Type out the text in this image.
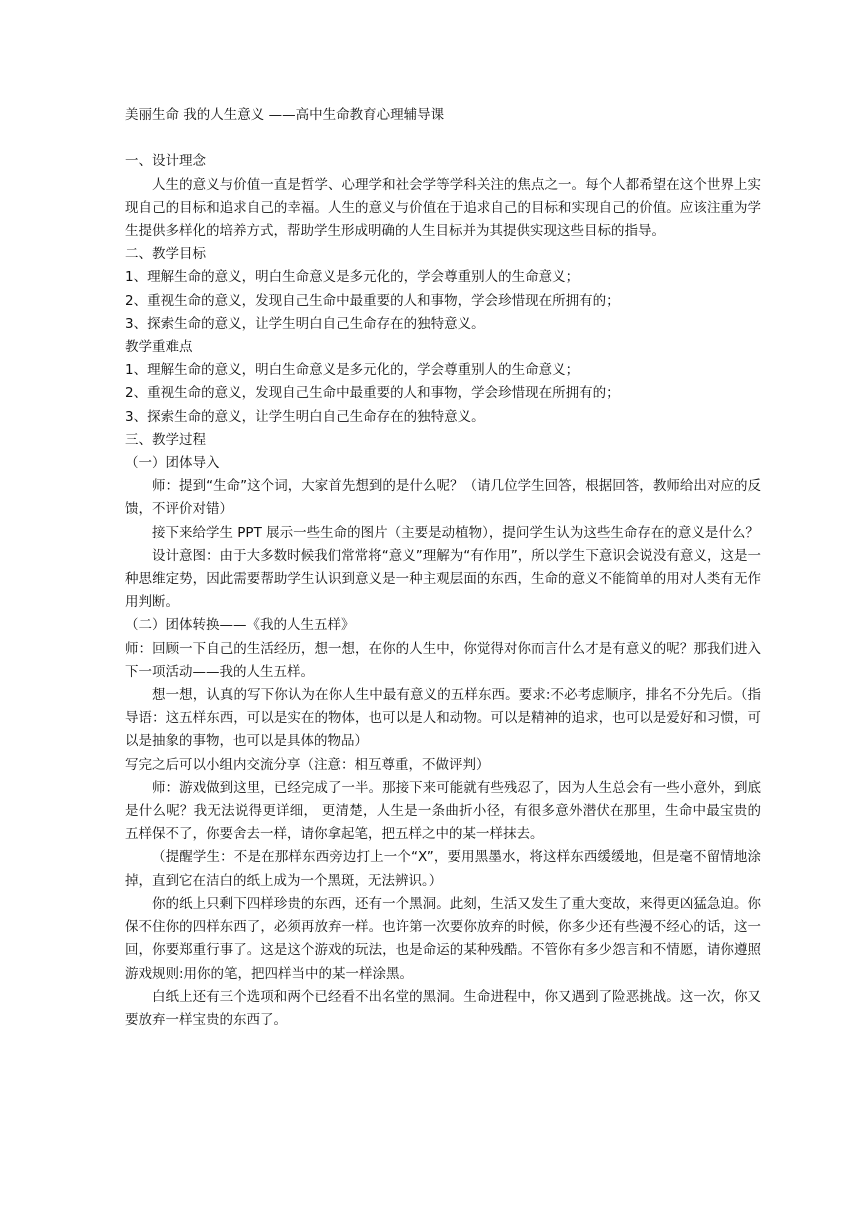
美丽生命 我的人生意义 ——高中生命教育心理辅导课

一、设计理念

人生的意义与价值一直是哲学、心理学和社会学等学科关注的焦点之一。每个人都希望在这个世界上实现自己的目标和追求自己的幸福。人生的意义与价值在于追求自己的目标和实现自己的价值。应该注重为学生提供多样化的培养方式，帮助学生形成明确的人生目标并为其提供实现这些目标的指导。

二、教学目标

1、理解生命的意义，明白生命意义是多元化的，学会尊重别人的生命意义；

2、重视生命的意义，发现自己生命中最重要的人和事物，学会珍惜现在所拥有的；

3、探索生命的意义，让学生明白自己生命存在的独特意义。

教学重难点

1、理解生命的意义，明白生命意义是多元化的，学会尊重别人的生命意义；

2、重视生命的意义，发现自己生命中最重要的人和事物，学会珍惜现在所拥有的；

3、探索生命的意义，让学生明白自己生命存在的独特意义。

三、教学过程

（一）团体导入

师：提到“生命”这个词，大家首先想到的是什么呢？（请几位学生回答，根据回答，教师给出对应的反馈，不评价对错）

接下来给学生 PPT 展示一些生命的图片（主要是动植物），提问学生认为这些生命存在的意义是什么？

设计意图：由于大多数时候我们常常将“意义”理解为“有作用”，所以学生下意识会说没有意义，这是一种思维定势，因此需要帮助学生认识到意义是一种主观层面的东西，生命的意义不能简单的用对人类有无作用判断。

（二）团体转换——《我的人生五样》

师：回顾一下自己的生活经历，想一想，在你的人生中，你觉得对你而言什么才是有意义的呢？那我们进入下一项活动——我的人生五样。

想一想，认真的写下你认为在你人生中最有意义的五样东西。要求:不必考虑顺序，排名不分先后。（指导语：这五样东西，可以是实在的物体，也可以是人和动物。可以是精神的追求，也可以是爱好和习惯，可以是抽象的事物，也可以是具体的物品）

写完之后可以小组内交流分享（注意：相互尊重，不做评判）

师：游戏做到这里，已经完成了一半。那接下来可能就有些残忍了，因为人生总会有一些小意外，到底是什么呢？我无法说得更详细， 更清楚，人生是一条曲折小径，有很多意外潜伏在那里，生命中最宝贵的五样保不了，你要舍去一样，请你拿起笔，把五样之中的某一样抹去。

（提醒学生：不是在那样东西旁边打上一个“X”，要用黑墨水，将这样东西缓缓地，但是毫不留情地涂掉，直到它在洁白的纸上成为一个黑斑，无法辨识。）

你的纸上只剩下四样珍贵的东西，还有一个黑洞。此刻，生活又发生了重大变故，来得更凶猛急迫。你保不住你的四样东西了，必须再放弃一样。也许第一次要你放弃的时候，你多少还有些漫不经心的话，这一回，你要郑重行事了。这是这个游戏的玩法，也是命运的某种残酷。不管你有多少怨言和不情愿，请你遵照游戏规则:用你的笔，把四样当中的某一样涂黑。

白纸上还有三个选项和两个已经看不出名堂的黑洞。生命进程中，你又遇到了险恶挑战。这一次，你又要放弃一样宝贵的东西了。
